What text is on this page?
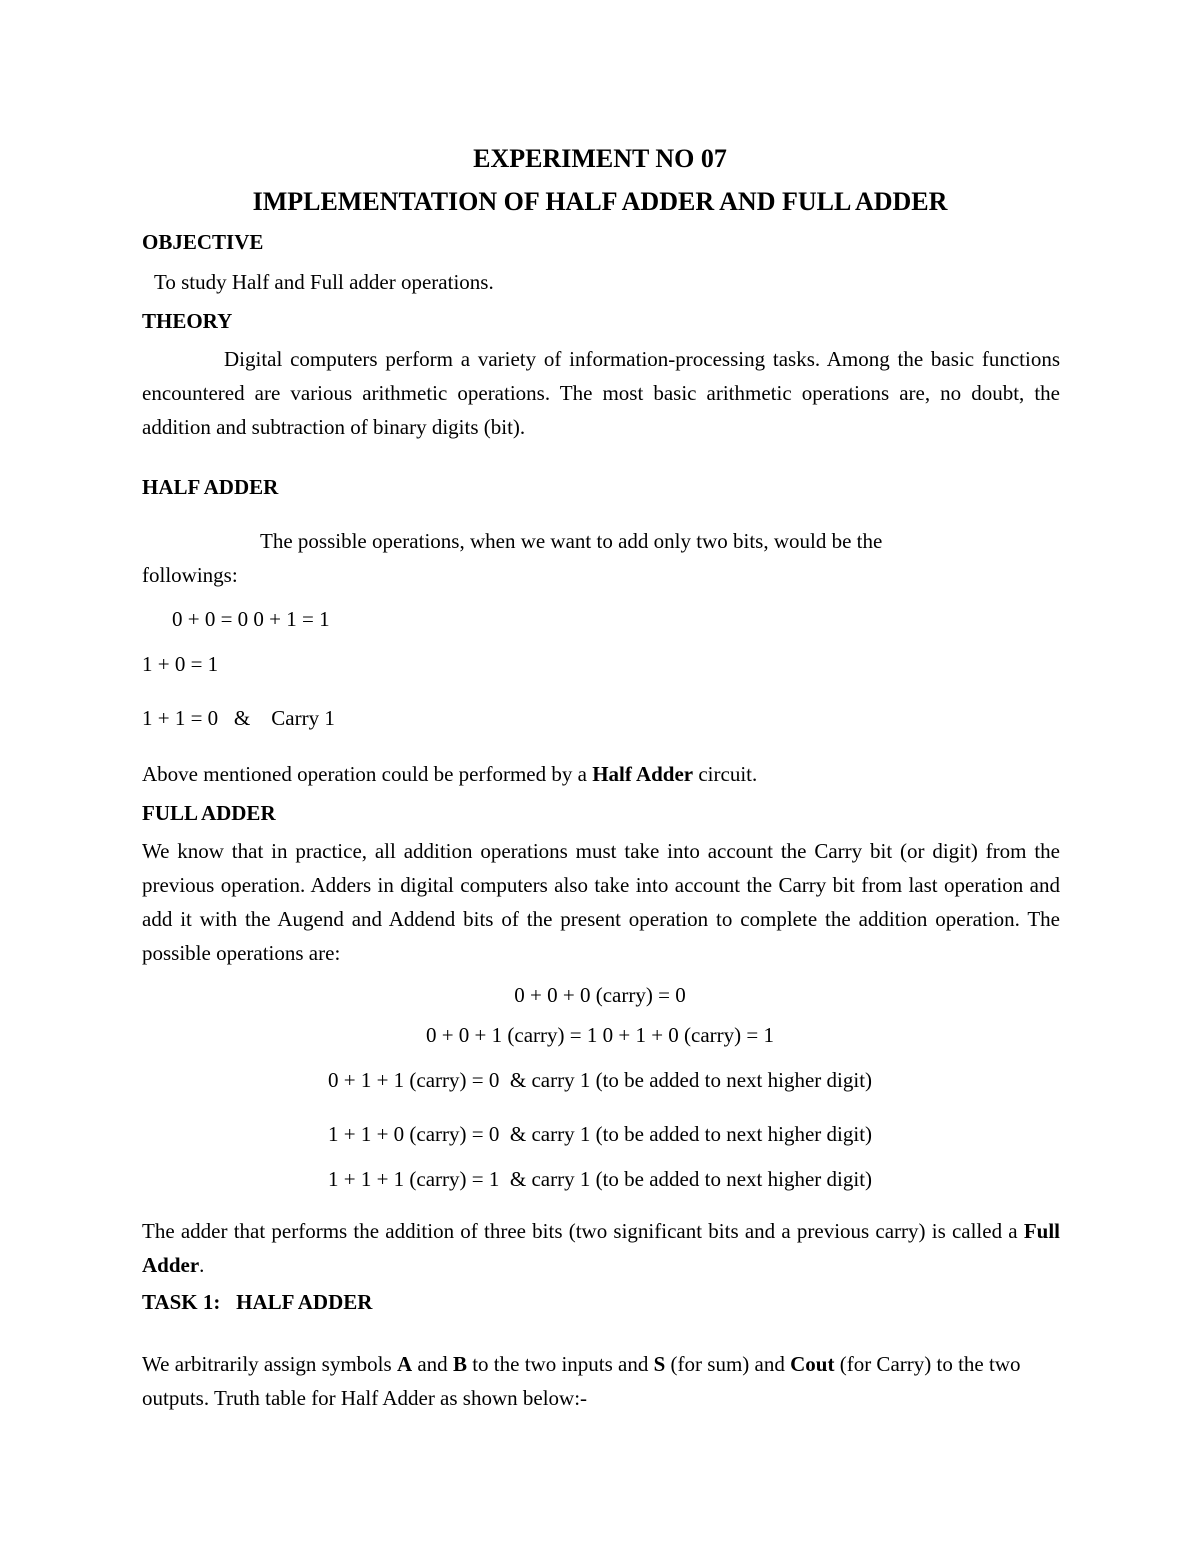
EXPERIMENT NO 07
IMPLEMENTATION OF HALF ADDER AND FULL ADDER
OBJECTIVE
To study Half and Full adder operations.
THEORY

Digital computers perform a variety of information-processing tasks. Among the basic functions encountered are various arithmetic operations. The most basic arithmetic operations are, no doubt, the addition and subtraction of binary digits (bit).

HALF ADDER
The possible operations, when we want to add only two bits, would be the
followings:
0 + 0 = 0 0 + 1 = 1
1 + 0 = 1
1 + 1 = 0   &    Carry 1
Above mentioned operation could be performed by a Half Adder circuit.
FULL ADDER

We know that in practice, all addition operations must take into account the Carry bit (or digit) from the previous operation. Adders in digital computers also take into account the Carry bit from last operation and add it with the Augend and Addend bits of the present operation to complete the addition operation. The possible operations are:

0 + 0 + 0 (carry) = 0
0 + 0 + 1 (carry) = 1 0 + 1 + 0 (carry) = 1
0 + 1 + 1 (carry) = 0  & carry 1 (to be added to next higher digit)
1 + 1 + 0 (carry) = 0  & carry 1 (to be added to next higher digit)
1 + 1 + 1 (carry) = 1  & carry 1 (to be added to next higher digit)

The adder that performs the addition of three bits (two significant bits and a previous carry) is called a Full Adder.

TASK 1:   HALF ADDER

We arbitrarily assign symbols A and B to the two inputs and S (for sum) and Cout (for Carry) to the two outputs. Truth table for Half Adder as shown below:-
